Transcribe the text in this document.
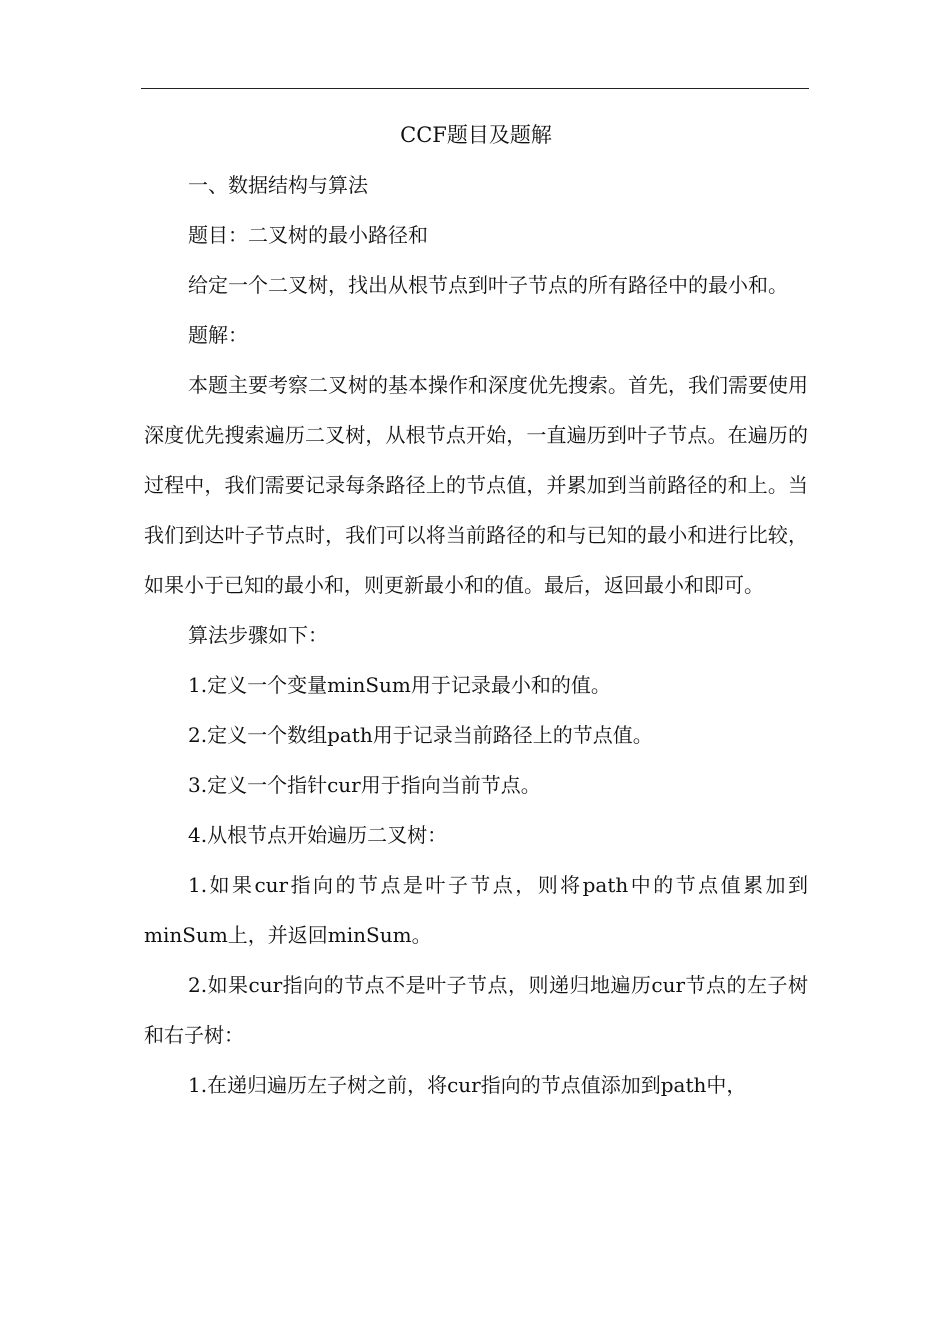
CCF题目及题解

一、数据结构与算法

题目：二叉树的最小路径和

给定一个二叉树，找出从根节点到叶子节点的所有路径中的最小和。

题解：

本题主要考察二叉树的基本操作和深度优先搜索。首先，我们需要使用深度优先搜索遍历二叉树，从根节点开始，一直遍历到叶子节点。在遍历的过程中，我们需要记录每条路径上的节点值，并累加到当前路径的和上。当我们到达叶子节点时，我们可以将当前路径的和与已知的最小和进行比较，如果小于已知的最小和，则更新最小和的值。最后，返回最小和即可。

算法步骤如下：

1.定义一个变量minSum用于记录最小和的值。

2.定义一个数组path用于记录当前路径上的节点值。

3.定义一个指针cur用于指向当前节点。

4.从根节点开始遍历二叉树：

1.如果cur指向的节点是叶子节点，则将path中的节点值累加到minSum上，并返回minSum。

2.如果cur指向的节点不是叶子节点，则递归地遍历cur节点的左子树和右子树：

1.在递归遍历左子树之前，将cur指向的节点值添加到path中，
